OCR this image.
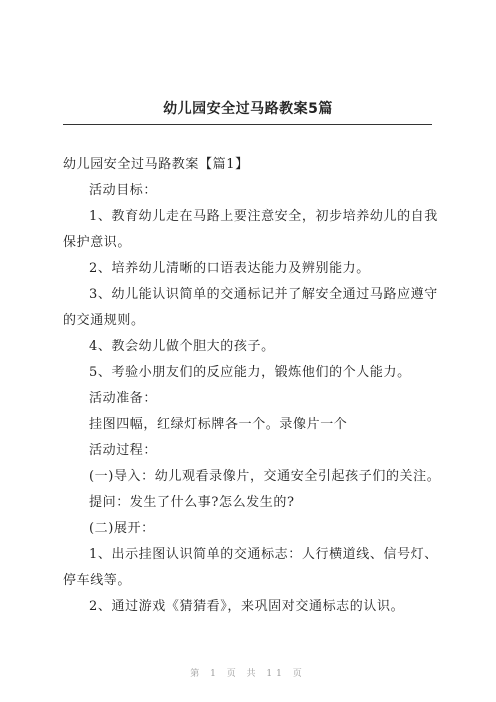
幼儿园安全过马路教案5篇

幼儿园安全过马路教案【篇1】

活动目标：

1、教育幼儿走在马路上要注意安全，初步培养幼儿的自我保护意识。

2、培养幼儿清晰的口语表达能力及辨别能力。

3、幼儿能认识简单的交通标记并了解安全通过马路应遵守的交通规则。

4、教会幼儿做个胆大的孩子。

5、考验小朋友们的反应能力，锻炼他们的个人能力。

活动准备：

挂图四幅，红绿灯标牌各一个。录像片一个

活动过程：

(一)导入：幼儿观看录像片，交通安全引起孩子们的关注。

提问：发生了什么事?怎么发生的?

(二)展开：

1、出示挂图认识简单的交通标志：人行横道线、信号灯、停车线等。

2、通过游戏《猜猜看》，来巩固对交通标志的认识。

第 1 页 共 11 页
